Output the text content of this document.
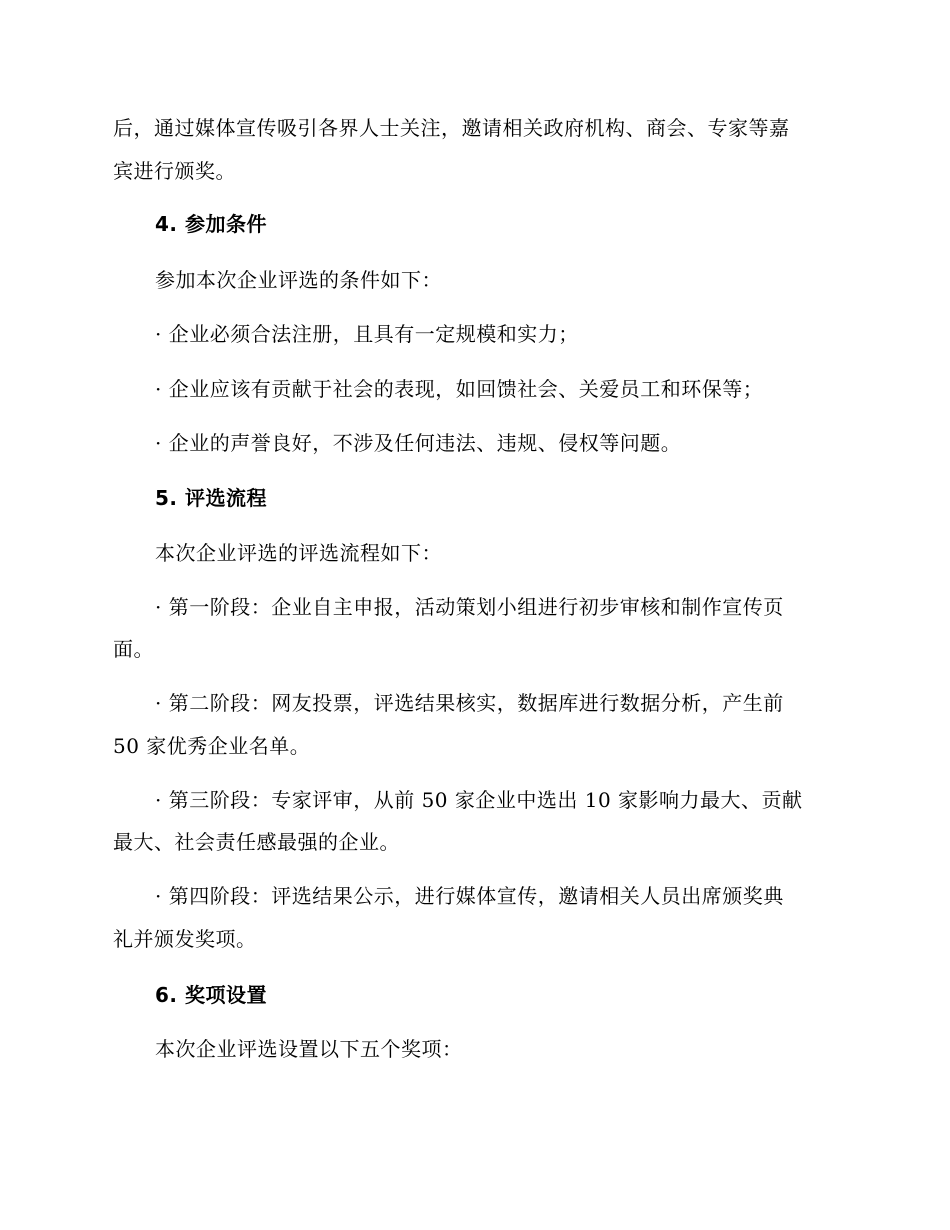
后，通过媒体宣传吸引各界人士关注，邀请相关政府机构、商会、专家等嘉
宾进行颁奖。
4. 参加条件
参加本次企业评选的条件如下：
· 企业必须合法注册，且具有一定规模和实力；
· 企业应该有贡献于社会的表现，如回馈社会、关爱员工和环保等；
· 企业的声誉良好，不涉及任何违法、违规、侵权等问题。
5. 评选流程
本次企业评选的评选流程如下：
· 第一阶段：企业自主申报，活动策划小组进行初步审核和制作宣传页
面。
· 第二阶段：网友投票，评选结果核实，数据库进行数据分析，产生前
50 家优秀企业名单。
· 第三阶段：专家评审，从前 50 家企业中选出 10 家影响力最大、贡献
最大、社会责任感最强的企业。
· 第四阶段：评选结果公示，进行媒体宣传，邀请相关人员出席颁奖典
礼并颁发奖项。
6. 奖项设置
本次企业评选设置以下五个奖项：
